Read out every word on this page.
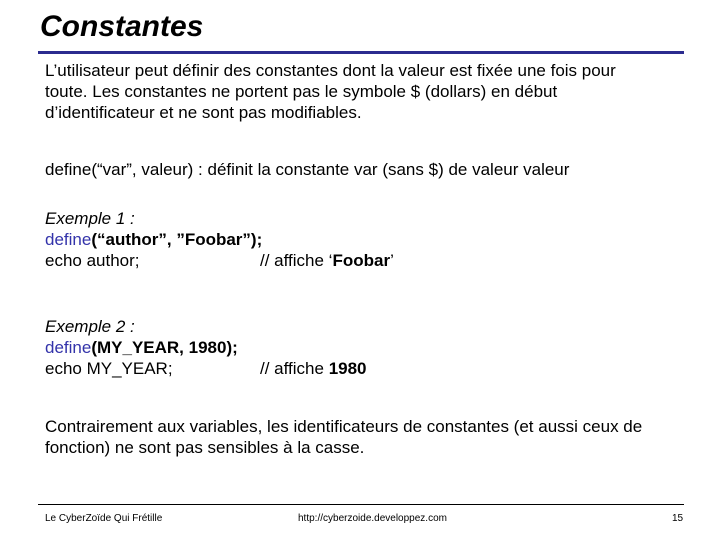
Constantes
L’utilisateur peut définir des constantes dont la valeur est fixée une fois pour
toute. Les constantes ne portent pas le symbole $ (dollars) en début
d’identificateur et ne sont pas modifiables.
define(“var”, valeur) : définit la constante var (sans $) de valeur valeur
Exemple 1 :
define(“author”, ”Foobar”);
echo author;	// affiche ‘Foobar’
Exemple 2 :
define(MY_YEAR, 1980);
echo MY_YEAR;	// affiche 1980
Contrairement aux variables, les identificateurs de constantes (et aussi ceux de
fonction) ne sont pas sensibles à la casse.
Le CyberZoïde Qui Frétille	http://cyberzoide.developpez.com	15
